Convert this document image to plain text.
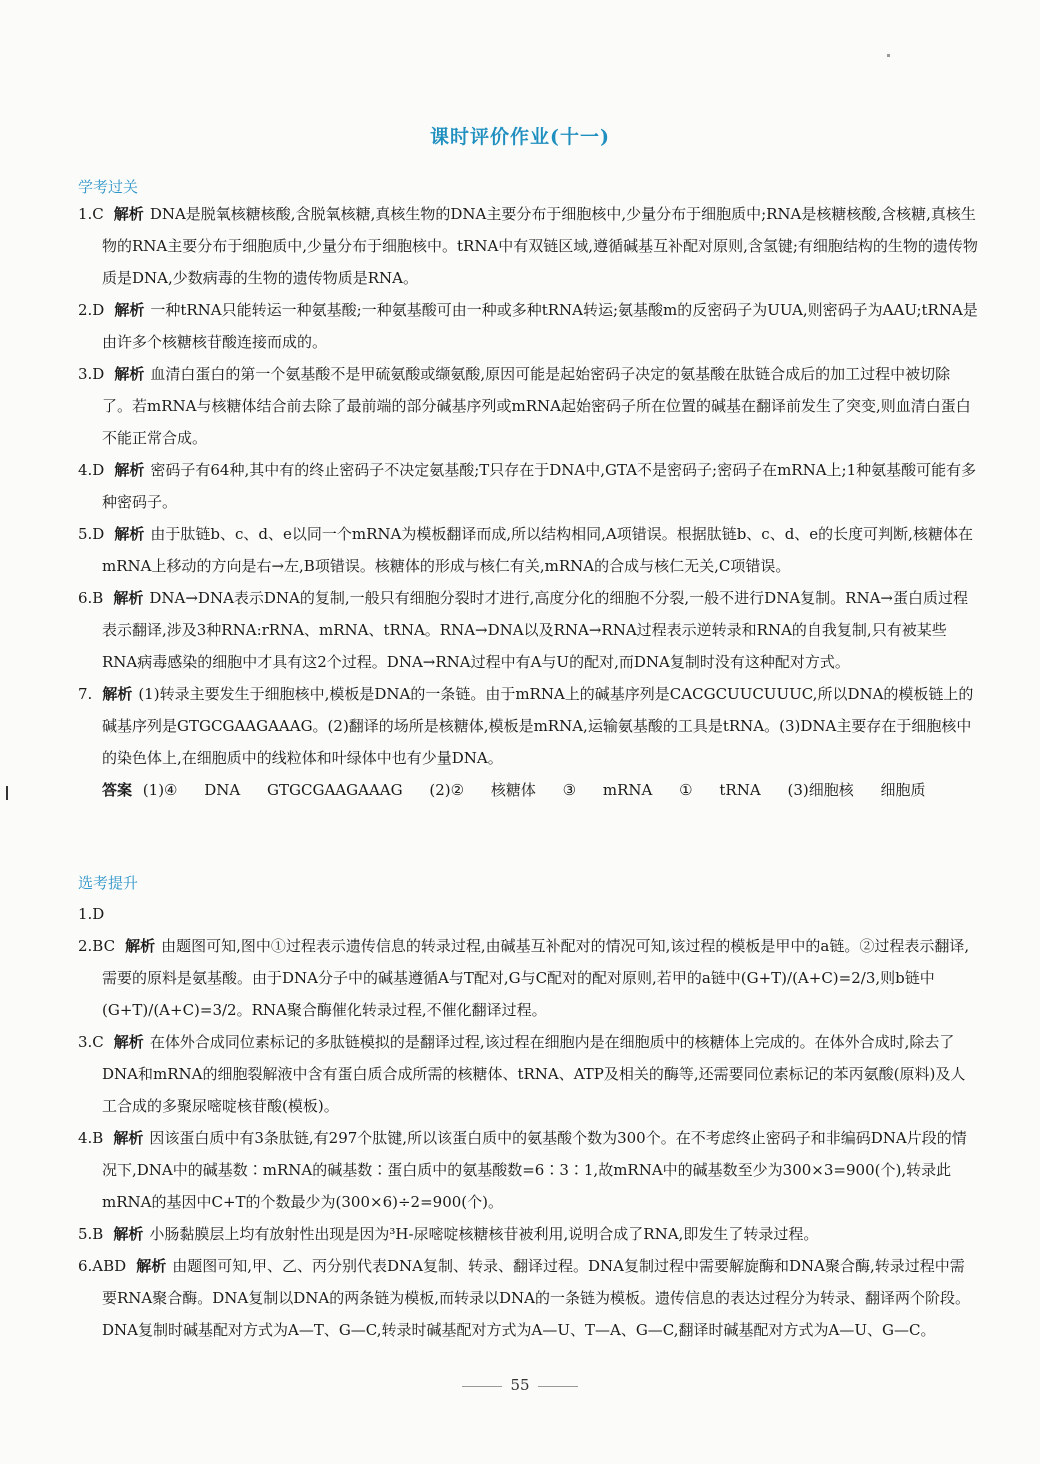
课时评价作业(十一)
学考过关

1.C 解析 DNA是脱氧核糖核酸,含脱氧核糖,真核生物的DNA主要分布于细胞核中,少量分布于细胞质中;RNA是核糖核酸,含核糖,真核生物的RNA主要分布于细胞质中,少量分布于细胞核中。tRNA中有双链区域,遵循碱基互补配对原则,含氢键;有细胞结构的生物的遗传物质是DNA,少数病毒的生物的遗传物质是RNA。

2.D 解析 一种tRNA只能转运一种氨基酸;一种氨基酸可由一种或多种tRNA转运;氨基酸m的反密码子为UUA,则密码子为AAU;tRNA是由许多个核糖核苷酸连接而成的。

3.D 解析 血清白蛋白的第一个氨基酸不是甲硫氨酸或缬氨酸,原因可能是起始密码子决定的氨基酸在肽链合成后的加工过程中被切除了。若mRNA与核糖体结合前去除了最前端的部分碱基序列或mRNA起始密码子所在位置的碱基在翻译前发生了突变,则血清白蛋白不能正常合成。

4.D 解析 密码子有64种,其中有的终止密码子不决定氨基酸;T只存在于DNA中,GTA不是密码子;密码子在mRNA上;1种氨基酸可能有多种密码子。

5.D 解析 由于肽链b、c、d、e以同一个mRNA为模板翻译而成,所以结构相同,A项错误。根据肽链b、c、d、e的长度可判断,核糖体在mRNA上移动的方向是右→左,B项错误。核糖体的形成与核仁有关,mRNA的合成与核仁无关,C项错误。

6.B 解析 DNA→DNA表示DNA的复制,一般只有细胞分裂时才进行,高度分化的细胞不分裂,一般不进行DNA复制。RNA→蛋白质过程表示翻译,涉及3种RNA:rRNA、mRNA、tRNA。RNA→DNA以及RNA→RNA过程表示逆转录和RNA的自我复制,只有被某些RNA病毒感染的细胞中才具有这2个过程。DNA→RNA过程中有A与U的配对,而DNA复制时没有这种配对方式。

7. 解析 (1)转录主要发生于细胞核中,模板是DNA的一条链。由于mRNA上的碱基序列是CACGCUUCUUUC,所以DNA的模板链上的碱基序列是GTGCGAAGAAAG。(2)翻译的场所是核糖体,模板是mRNA,运输氨基酸的工具是tRNA。(3)DNA主要存在于细胞核中的染色体上,在细胞质中的线粒体和叶绿体中也有少量DNA。

答案 (1)④ DNA GTGCGAAGAAAG (2)② 核糖体 ③ mRNA ① tRNA (3)细胞核 细胞质

选考提升

1.D

2.BC 解析 由题图可知,图中①过程表示遗传信息的转录过程,由碱基互补配对的情况可知,该过程的模板是甲中的a链。②过程表示翻译,需要的原料是氨基酸。由于DNA分子中的碱基遵循A与T配对,G与C配对的配对原则,若甲的a链中(G+T)/(A+C)=2/3,则b链中(G+T)/(A+C)=3/2。RNA聚合酶催化转录过程,不催化翻译过程。

3.C 解析 在体外合成同位素标记的多肽链模拟的是翻译过程,该过程在细胞内是在细胞质中的核糖体上完成的。在体外合成时,除去了DNA和mRNA的细胞裂解液中含有蛋白质合成所需的核糖体、tRNA、ATP及相关的酶等,还需要同位素标记的苯丙氨酸(原料)及人工合成的多聚尿嘧啶核苷酸(模板)。

4.B 解析 因该蛋白质中有3条肽链,有297个肽键,所以该蛋白质中的氨基酸个数为300个。在不考虑终止密码子和非编码DNA片段的情况下,DNA中的碱基数∶mRNA的碱基数∶蛋白质中的氨基酸数=6∶3∶1,故mRNA中的碱基数至少为300×3=900(个),转录此mRNA的基因中C+T的个数最少为(300×6)÷2=900(个)。

5.B 解析 小肠黏膜层上均有放射性出现是因为³H-尿嘧啶核糖核苷被利用,说明合成了RNA,即发生了转录过程。

6.ABD 解析 由题图可知,甲、乙、丙分别代表DNA复制、转录、翻译过程。DNA复制过程中需要解旋酶和DNA聚合酶,转录过程中需要RNA聚合酶。DNA复制以DNA的两条链为模板,而转录以DNA的一条链为模板。遗传信息的表达过程分为转录、翻译两个阶段。DNA复制时碱基配对方式为A—T、G—C,转录时碱基配对方式为A—U、T—A、G—C,翻译时碱基配对方式为A—U、G—C。

55
